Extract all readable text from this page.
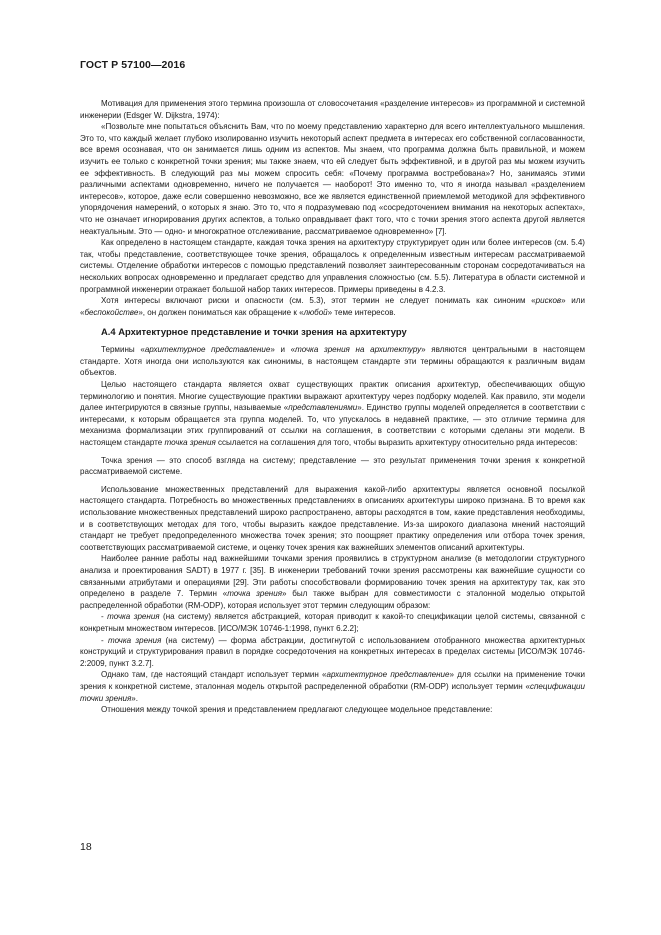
ГОСТ Р 57100—2016

Мотивация для применения этого термина произошла от словосочетания «разделение интересов» из программной и системной инженерии (Edsger W. Dijkstra, 1974):

«Позвольте мне попытаться объяснить Вам, что по моему представлению характерно для всего интеллектуального мышления. Это то, что каждый желает глубоко изолированно изучить некоторый аспект предмета в интересах его собственной согласованности, все время осознавая, что он занимается лишь одним из аспектов. Мы знаем, что программа должна быть правильной, и можем изучить ее только с конкретной точки зрения; мы также знаем, что ей следует быть эффективной, и в другой раз мы можем изучить ее эффективность. В следующий раз мы можем спросить себя: «Почему программа востребована»? Но, занимаясь этими различными аспектами одновременно, ничего не получается — наоборот! Это именно то, что я иногда называл «разделением интересов», которое, даже если совершенно невозможно, все же является единственной приемлемой методикой для эффективного упорядочения намерений, о которых я знаю. Это то, что я подразумеваю под «сосредоточением внимания на некоторых аспектах», что не означает игнорирования других аспектов, а только оправдывает факт того, что с точки зрения этого аспекта другой является неактуальным. Это — одно- и многократное отслеживание, рассматриваемое одновременно» [7].

Как определено в настоящем стандарте, каждая точка зрения на архитектуру структурирует один или более интересов (см. 5.4) так, чтобы представление, соответствующее точке зрения, обращалось к определенным известным интересам рассматриваемой системы. Отделение обработки интересов с помощью представлений позволяет заинтересованным сторонам сосредотачиваться на нескольких вопросах одновременно и предлагает средство для управления сложностью (см. 5.5). Литература в области системной и программной инженерии отражает большой набор таких интересов. Примеры приведены в 4.2.3.

Хотя интересы включают риски и опасности (см. 5.3), этот термин не следует понимать как синоним «рисков» или «беспокойстве», он должен пониматься как обращение к «любой» теме интересов.

А.4 Архитектурное представление и точки зрения на архитектуру

Термины «архитектурное представление» и «точка зрения на архитектуру» являются центральными в настоящем стандарте. Хотя иногда они используются как синонимы, в настоящем стандарте эти термины обращаются к различным видам объектов.

Целью настоящего стандарта является охват существующих практик описания архитектур, обеспечивающих общую терминологию и понятия. Многие существующие практики выражают архитектуру через подборку моделей. Как правило, эти модели далее интегрируются в связные группы, называемые «представлениями». Единство группы моделей определяется в соответствии с интересами, к которым обращается эта группа моделей. То, что упускалось в недавней практике, — это отличие термина для механизма формализации этих группирований от ссылки на соглашения, в соответствии с которыми сделаны эти модели. В настоящем стандарте точка зрения ссылается на соглашения для того, чтобы выразить архитектуру относительно ряда интересов:

Точка зрения — это способ взгляда на систему; представление — это результат применения точки зрения к конкретной рассматриваемой системе.

Использование множественных представлений для выражения какой-либо архитектуры является основной посылкой настоящего стандарта. Потребность во множественных представлениях в описаниях архитектуры широко признана. В то время как использование множественных представлений широко распространено, авторы расходятся в том, какие представления необходимы, и в соответствующих методах для того, чтобы выразить каждое представление. Из-за широкого диапазона мнений настоящий стандарт не требует предопределенного множества точек зрения; это поощряет практику определения или отбора точек зрения, соответствующих рассматриваемой системе, и оценку точек зрения как важнейших элементов описаний архитектуры.

Наиболее ранние работы над важнейшими точками зрения проявились в структурном анализе (в методологии структурного анализа и проектирования SADT) в 1977 г. [35]. В инженерии требований точки зрения рассмотрены как важнейшие сущности со связанными атрибутами и операциями [29]. Эти работы способствовали формированию точек зрения на архитектуру так, как это определено в разделе 7. Термин «точка зрения» был также выбран для совместимости с эталонной моделью открытой распределенной обработки (RM-ODP), которая использует этот термин следующим образом:

- точка зрения (на систему) является абстракцией, которая приводит к какой-то спецификации целой системы, связанной с конкретным множеством интересов. [ИСО/МЭК 10746-1:1998, пункт 6.2.2];

- точка зрения (на систему) — форма абстракции, достигнутой с использованием отобранного множества архитектурных конструкций и структурирования правил в порядке сосредоточения на конкретных интересах в пределах системы [ИСО/МЭК 10746-2:2009, пункт 3.2.7].

Однако там, где настоящий стандарт использует термин «архитектурное представление» для ссылки на применение точки зрения к конкретной системе, эталонная модель открытой распределенной обработки (RM-ODP) использует термин «спецификации точки зрения».

Отношения между точкой зрения и представлением предлагают следующее модельное представление:

18
